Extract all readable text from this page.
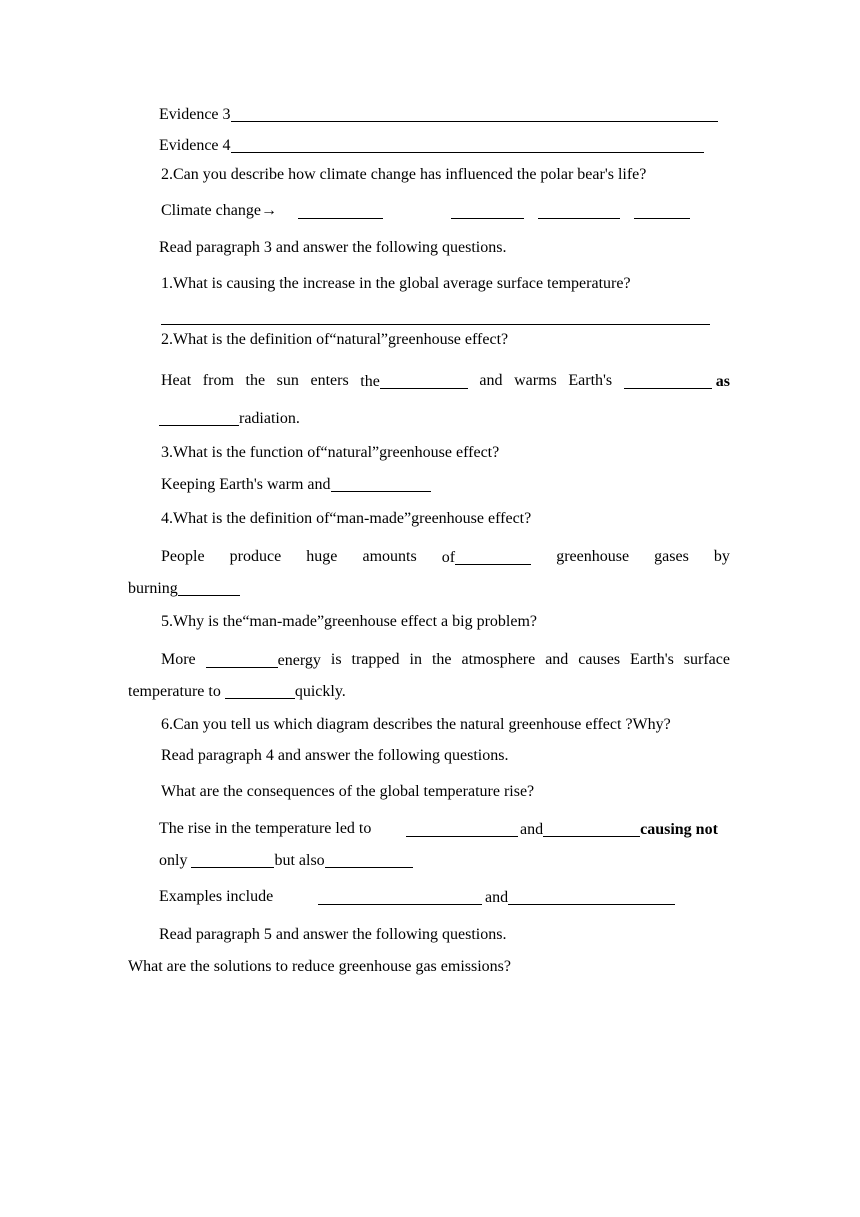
Evidence 3
Evidence 4
2.Can you describe how climate change has influenced the polar bear's life?
Climate change→
Read paragraph 3 and answer the following questions.
1.What is causing the increase in the global average surface temperature?
2.What is the definition of“natural”greenhouse effect?
Heat from the sun enters the	and warms Earth's	as
radiation.
3.What is the function of“natural”greenhouse effect?
Keeping Earth's warm and
4.What is the definition of“man-made”greenhouse effect?
People produce huge amounts of	greenhouse gases by
burning
5.Why is the“man-made”greenhouse effect a big problem?
More	energy is trapped in the atmosphere and causes Earth's surface
temperature to	quickly.
6.Can you tell us which diagram describes the natural greenhouse effect ?Why?
Read paragraph 4 and answer the following questions.
What are the consequences of the global temperature rise?
The rise in the temperature led to	and	causing not
only	but also
Examples include	and
Read paragraph 5 and answer the following questions.
What are the solutions to reduce greenhouse gas emissions?
